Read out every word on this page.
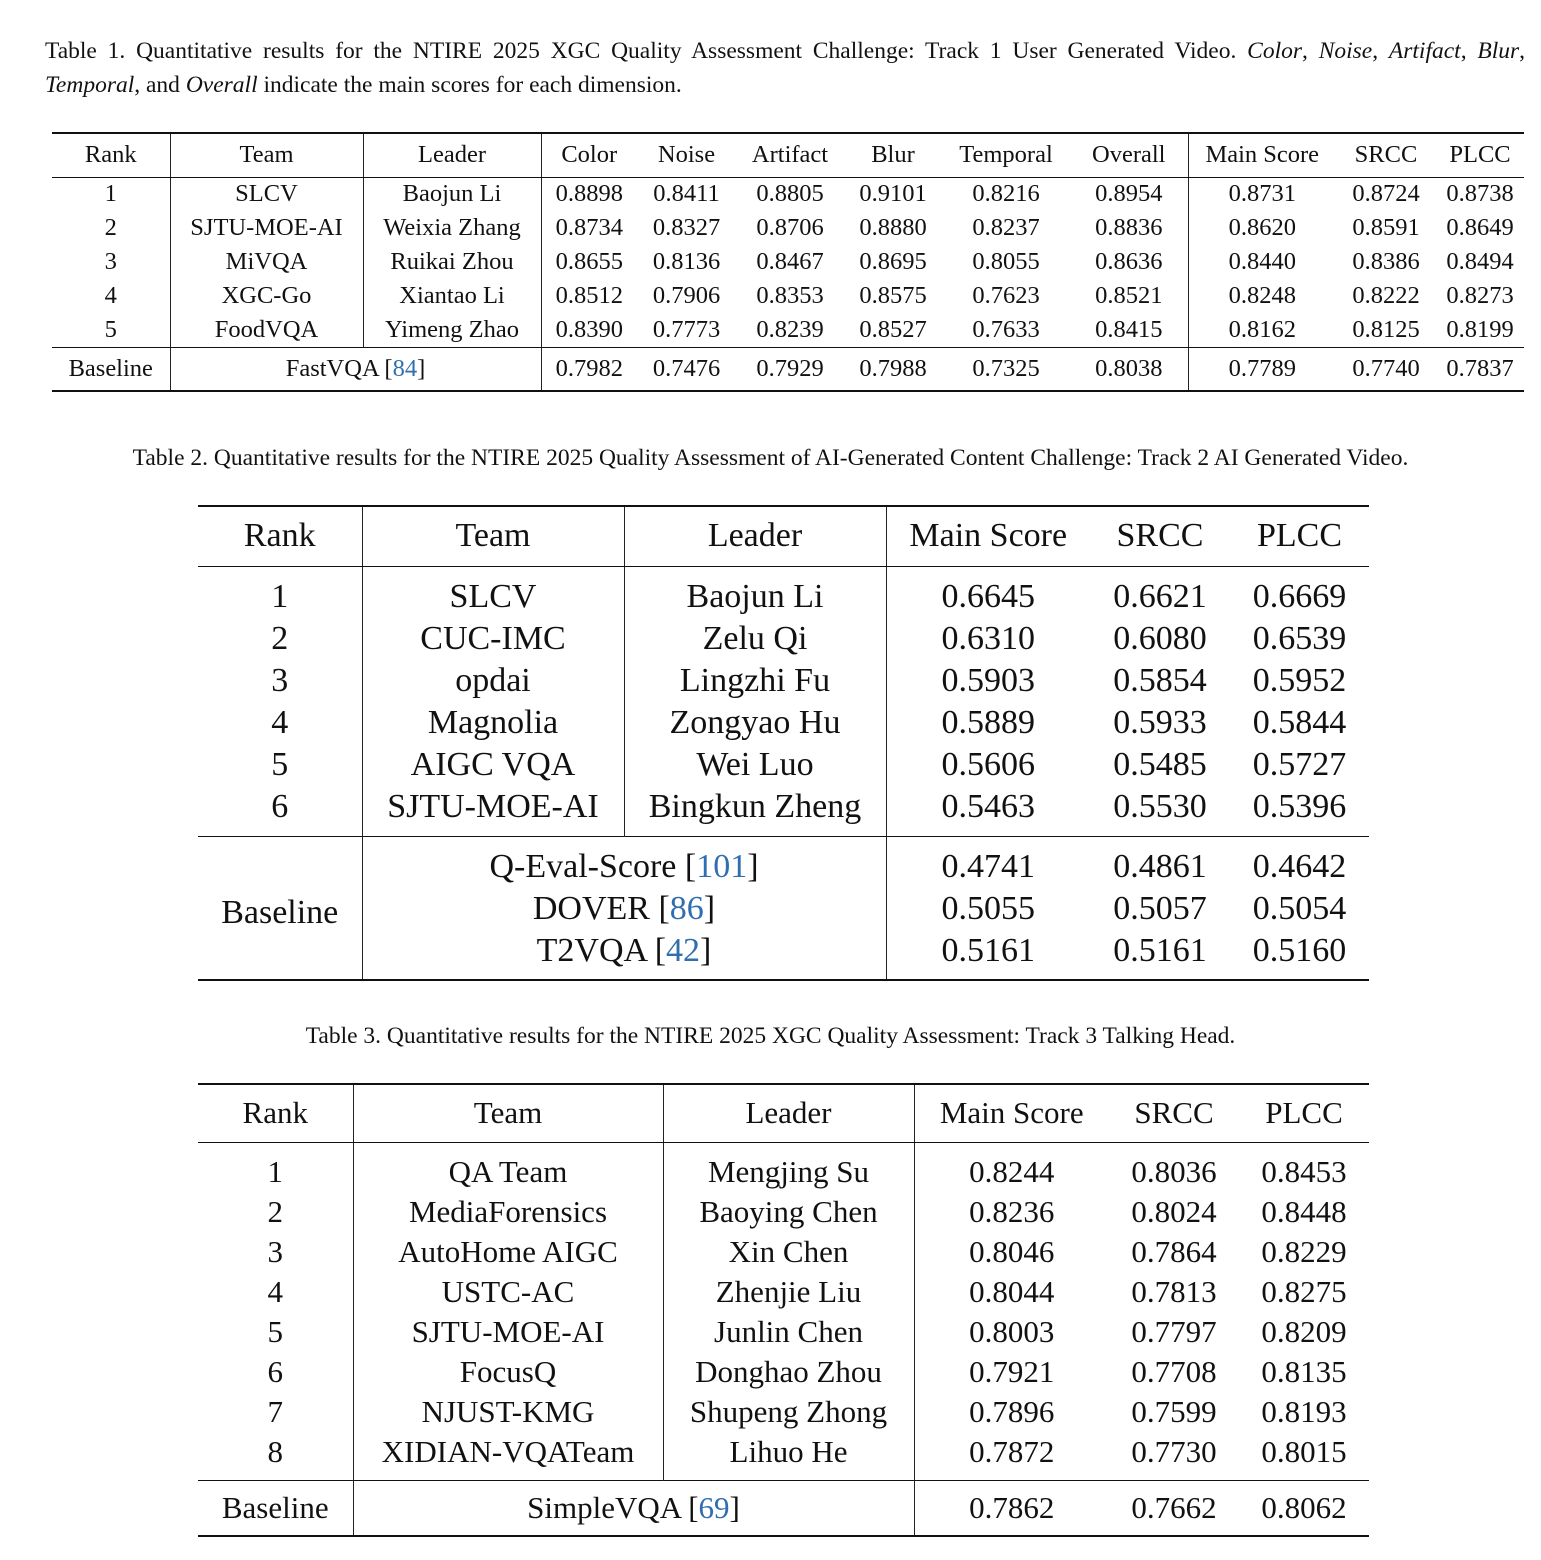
Table 1. Quantitative results for the NTIRE 2025 XGC Quality Assessment Challenge: Track 1 User Generated Video. Color, Noise, Artifact, Blur, Temporal, and Overall indicate the main scores for each dimension.

Rank	Team	Leader	Color	Noise	Artifact	Blur	Temporal	Overall	Main Score	SRCC	PLCC
1	SLCV	Baojun Li	0.8898	0.8411	0.8805	0.9101	0.8216	0.8954	0.8731	0.8724	0.8738
2	SJTU-MOE-AI	Weixia Zhang	0.8734	0.8327	0.8706	0.8880	0.8237	0.8836	0.8620	0.8591	0.8649
3	MiVQA	Ruikai Zhou	0.8655	0.8136	0.8467	0.8695	0.8055	0.8636	0.8440	0.8386	0.8494
4	XGC-Go	Xiantao Li	0.8512	0.7906	0.8353	0.8575	0.7623	0.8521	0.8248	0.8222	0.8273
5	FoodVQA	Yimeng Zhao	0.8390	0.7773	0.8239	0.8527	0.7633	0.8415	0.8162	0.8125	0.8199
Baseline	FastVQA [84]		0.7982	0.7476	0.7929	0.7988	0.7325	0.8038	0.7789	0.7740	0.7837

Table 2. Quantitative results for the NTIRE 2025 Quality Assessment of AI-Generated Content Challenge: Track 2 AI Generated Video.

Rank	Team	Leader	Main Score	SRCC	PLCC
1	SLCV	Baojun Li	0.6645	0.6621	0.6669
2	CUC-IMC	Zelu Qi	0.6310	0.6080	0.6539
3	opdai	Lingzhi Fu	0.5903	0.5854	0.5952
4	Magnolia	Zongyao Hu	0.5889	0.5933	0.5844
5	AIGC VQA	Wei Luo	0.5606	0.5485	0.5727
6	SJTU-MOE-AI	Bingkun Zheng	0.5463	0.5530	0.5396
Baseline	Q-Eval-Score [101]		0.4741	0.4861	0.4642
	DOVER [86]		0.5055	0.5057	0.5054
	T2VQA [42]		0.5161	0.5161	0.5160

Table 3. Quantitative results for the NTIRE 2025 XGC Quality Assessment: Track 3 Talking Head.

Rank	Team	Leader	Main Score	SRCC	PLCC
1	QA Team	Mengjing Su	0.8244	0.8036	0.8453
2	MediaForensics	Baoying Chen	0.8236	0.8024	0.8448
3	AutoHome AIGC	Xin Chen	0.8046	0.7864	0.8229
4	USTC-AC	Zhenjie Liu	0.8044	0.7813	0.8275
5	SJTU-MOE-AI	Junlin Chen	0.8003	0.7797	0.8209
6	FocusQ	Donghao Zhou	0.7921	0.7708	0.8135
7	NJUST-KMG	Shupeng Zhong	0.7896	0.7599	0.8193
8	XIDIAN-VQATeam	Lihuo He	0.7872	0.7730	0.8015
Baseline	SimpleVQA [69]		0.7862	0.7662	0.8062
